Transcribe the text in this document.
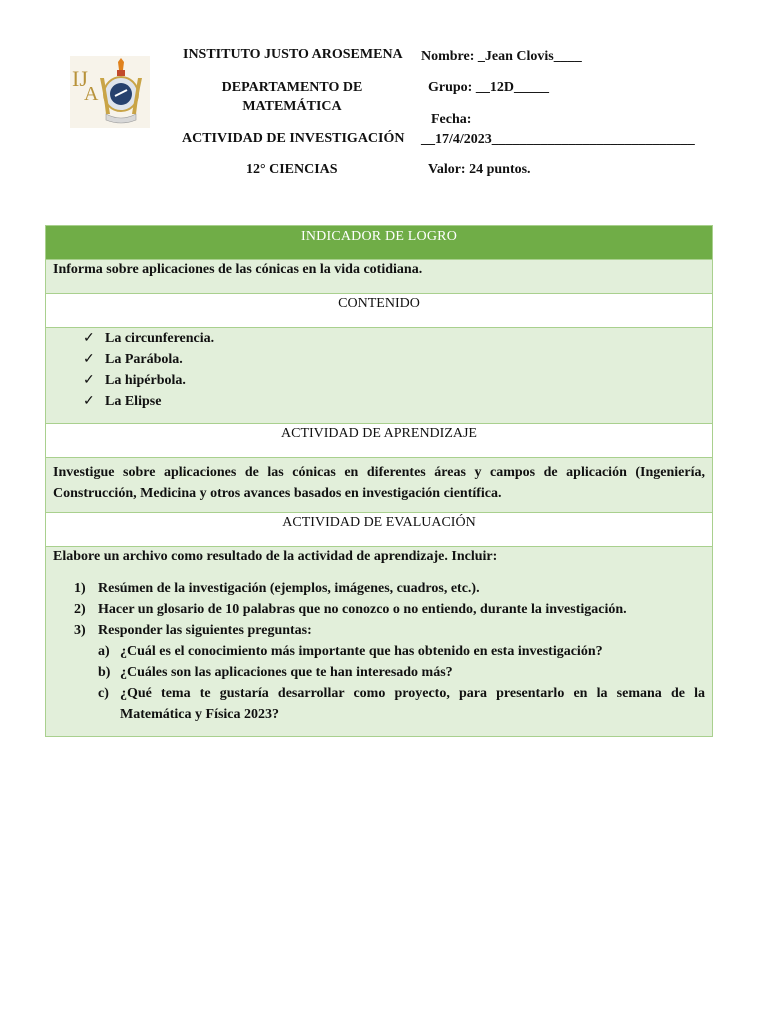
IJ
A
INSTITUTO JUSTO AROSEMENA
DEPARTAMENTO DE MATEMÁTICA
ACTIVIDAD DE INVESTIGACIÓN
12° CIENCIAS
Nombre: _Jean Clovis____
Grupo: __12D_____
Fecha:
__17/4/2023_____________________________
Valor: 24 puntos.
INDICADOR DE LOGRO
Informa sobre aplicaciones de las cónicas en la vida cotidiana.
CONTENIDO
✓ La circunferencia.
✓ La Parábola.
✓ La hipérbola.
✓ La Elipse
ACTIVIDAD DE APRENDIZAJE
Investigue sobre aplicaciones de las cónicas en diferentes áreas y campos de aplicación (Ingeniería, Construcción, Medicina y otros avances basados en investigación científica.
ACTIVIDAD DE EVALUACIÓN
Elabore un archivo como resultado de la actividad de aprendizaje. Incluir:
1) Resúmen de la investigación (ejemplos, imágenes, cuadros, etc.).
2) Hacer un glosario de 10 palabras que no conozco o no entiendo, durante la investigación.
3) Responder las siguientes preguntas:
a) ¿Cuál es el conocimiento más importante que has obtenido en esta investigación?
b) ¿Cuáles son las aplicaciones que te han interesado más?
c) ¿Qué tema te gustaría desarrollar como proyecto, para presentarlo en la semana de la Matemática y Física 2023?
